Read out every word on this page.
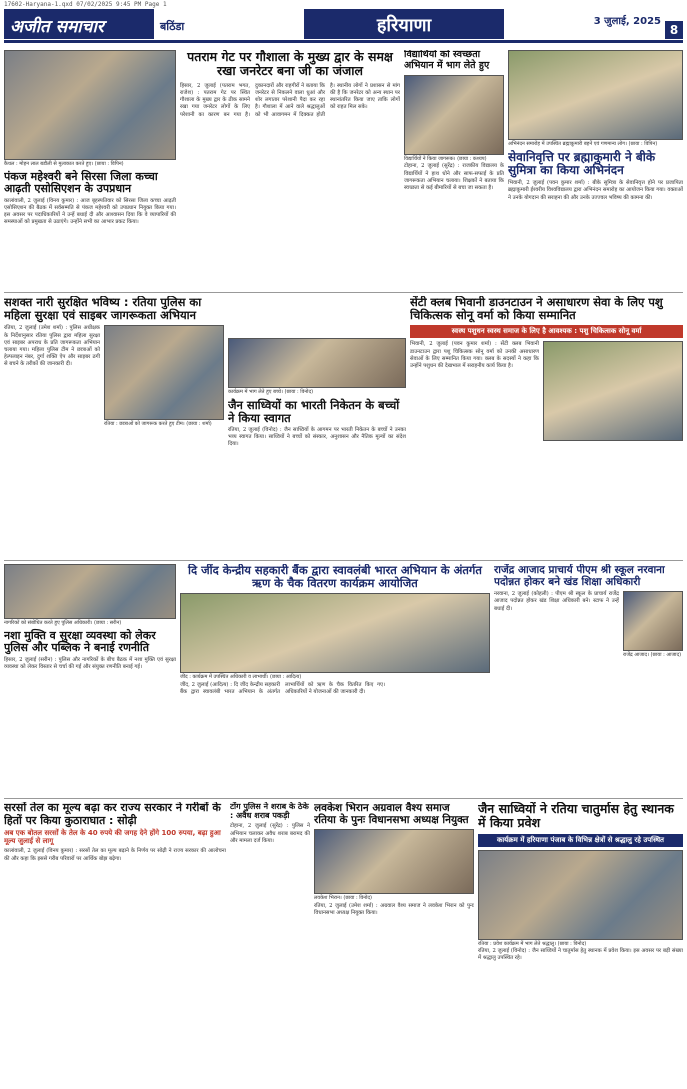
17602-Haryana-1.qxd 07/02/2025 9:45 PM Page 1
अजीत समाचार	बठिंडा	हरियाणा	3 जुलाई, 2025
8
कैथल : मोहन लाल बडौली से मुलाकात करते हुए। (छाया : विपिन)
पंकज महेश्वरी बने सिरसा जिला कच्चा आढ़ती एसोसिएशन के उपप्रधान
कालांवाली, 2 जुलाई (विनय कुमार) : आज बृहस्पतिवार को सिरसा जिला कच्चा आढ़ती एसोसिएशन की बैठक में सर्वसम्मति से पंकज महेश्वरी को उपप्रधान नियुक्त किया गया। इस अवसर पर पदाधिकारियों ने उन्हें बधाई दी और आश्वासन दिया कि वे व्यापारियों की समस्याओं को प्रमुखता से उठाएंगे। उन्होंने सभी का आभार प्रकट किया।
पतराम गेट पर गौशाला के मुख्य द्वार के समक्ष रखा जनरेटर बना जी का जंजाल
हिसार, 2 जुलाई (पतराम भगत, राजेश) : पतराम गेट पर स्थित गौशाला के मुख्य द्वार के ठीक सामने रखा गया जनरेटर लोगों के लिए परेशानी का कारण बन गया है। दुकानदारों और राहगीरों ने बताया कि जनरेटर से निकलने वाला धुआं और शोर लगातार परेशानी पैदा कर रहा है। गौशाला में आने वाले श्रद्धालुओं को भी आवागमन में दिक्कत होती है। स्थानीय लोगों ने प्रशासन से मांग की है कि जनरेटर को अन्य स्थान पर स्थानांतरित किया जाए ताकि लोगों को राहत मिल सके।
विद्यार्थियों को स्वच्छता अभियान में भाग लेते हुए
विद्यार्थियों ने किया जागरूक। (छाया : कश्यप)
टोहाना, 2 जुलाई (सुरेंद्र) : राजकीय विद्यालय के विद्यार्थियों ने हाथ धोने और साफ-सफाई के प्रति जागरूकता अभियान चलाया। शिक्षकों ने बताया कि स्वच्छता से कई बीमारियों से बचा जा सकता है।
अभिनंदन समारोह में उपस्थित ब्रह्माकुमारी बहनें एवं गणमान्य लोग। (छाया : विपिन)
सेवानिवृत्ति पर ब्रह्माकुमारी ने बीके सुमित्रा का किया अभिनंदन
भिवानी, 2 जुलाई (पवन कुमार शर्मा) : बीके सुमित्रा के सेवानिवृत्त होने पर प्रजापिता ब्रह्माकुमारी ईश्वरीय विश्वविद्यालय द्वारा अभिनंदन समारोह का आयोजन किया गया। वक्ताओं ने उनके योगदान की सराहना की और उनके उज्ज्वल भविष्य की कामना की।
सशक्त नारी सुरक्षित भविष्य : रतिया पुलिस का महिला सुरक्षा एवं साइबर जागरूकता अभियान
रतिया, 2 जुलाई (उमेश शर्मा) : पुलिस अधीक्षक के निर्देशानुसार रतिया पुलिस द्वारा महिला सुरक्षा एवं साइबर अपराध के प्रति जागरूकता अभियान चलाया गया। महिला पुलिस टीम ने छात्राओं को हेल्पलाइन नंबर, दुर्गा शक्ति ऐप और साइबर ठगी से बचने के तरीकों की जानकारी दी।
रतिया : छात्राओं को जागरूक करते हुए टीम। (छाया : शर्मा)
कार्यक्रम में भाग लेते हुए बच्चे। (छाया : विनोद)
जैन साध्वियों का भारती निकेतन के बच्चों ने किया स्वागत
रतिया, 2 जुलाई (विनोद) : जैन साध्वियों के आगमन पर भारती निकेतन के बच्चों ने उनका भव्य स्वागत किया। साध्वियों ने बच्चों को संस्कार, अनुशासन और नैतिक मूल्यों का संदेश दिया।
सेंटी क्लब भिवानी डाउनटाउन ने असाधारण सेवा के लिए पशु चिकित्सक सोनू वर्मा को किया सम्मानित
स्वस्थ पशुधन स्वस्थ समाज के लिए है आवश्यक : पशु चिकित्सक सोनू वर्मा
भिवानी, 2 जुलाई (पवन कुमार शर्मा) : सेंटी क्लब भिवानी डाउनटाउन द्वारा पशु चिकित्सक सोनू वर्मा को उनकी असाधारण सेवाओं के लिए सम्मानित किया गया। क्लब के सदस्यों ने कहा कि उन्होंने पशुधन की देखभाल में सराहनीय कार्य किया है।
नागरिकों को संबोधित करते हुए पुलिस अधिकारी। (छाया : सरीन)
नशा मुक्ति व सुरक्षा व्यवस्था को लेकर पुलिस और पब्लिक ने बनाई रणनीति
हिसार, 2 जुलाई (सरीन) : पुलिस और नागरिकों के बीच बैठक में नशा मुक्ति एवं सुरक्षा व्यवस्था को लेकर विस्तार से चर्चा की गई और संयुक्त रणनीति बनाई गई।
दि जींद केन्द्रीय सहकारी बैंक द्वारा स्वावलंबी भारत अभियान के अंतर्गत ऋण के चैक वितरण कार्यक्रम आयोजित
जींद : कार्यक्रम में उपस्थित अधिकारी व लाभार्थी। (छाया : आदित्य)
जींद, 2 जुलाई (आदित्य) : दि जींद केन्द्रीय सहकारी बैंक द्वारा स्वावलंबी भारत अभियान के अंतर्गत लाभार्थियों को ऋण के चैक वितरित किए गए। अधिकारियों ने योजनाओं की जानकारी दी।
राजेंद्र आजाद प्राचार्य पीएम श्री स्कूल नरवाना पदोन्नत होकर बने खंड शिक्षा अधिकारी
नरवाना, 2 जुलाई (कोहली) : पीएम श्री स्कूल के प्राचार्य राजेंद्र आजाद पदोन्नत होकर खंड शिक्षा अधिकारी बने। स्टाफ ने उन्हें बधाई दी।
राजेंद्र आजाद। (छाया : आजाद)
सरसों तेल का मूल्य बढ़ा कर राज्य सरकार ने गरीबों के हितों पर किया कुठाराघात : सोढ़ी
अब एक बोतल सरसों के तेल के 40 रुपये की जगह देने होंगे 100 रुपया, बढ़ा हुआ मूल्य जुलाई से लागू
कालांवाली, 2 जुलाई (विनय कुमार) : सरसों तेल का मूल्य बढ़ाने के निर्णय पर सोढ़ी ने राज्य सरकार की आलोचना की और कहा कि इससे गरीब परिवारों पर आर्थिक बोझ बढ़ेगा।
टोंग पुलिस ने शराब के ठेके : अवैध शराब पकड़ी
टोहाना, 2 जुलाई (सुरेंद्र) : पुलिस ने अभियान चलाकर अवैध शराब बरामद की और मामला दर्ज किया।
लवकेश भिरान अग्रवाल वैश्य समाज रतिया के पुनः विधानसभा अध्यक्ष नियुक्त
लवकेश भिरान। (छाया : विनोद)
रतिया, 2 जुलाई (उमेश शर्मा) : अग्रवाल वैश्य समाज ने लवकेश भिरान को पुनः विधानसभा अध्यक्ष नियुक्त किया।
जैन साध्वियों ने रतिया चातुर्मास हेतु स्थानक में किया प्रवेश
कार्यक्रम में हरियाणा पंजाब के विभिन्न क्षेत्रों से श्रद्धालु रहे उपस्थित
रतिया : प्रवेश कार्यक्रम में भाग लेते श्रद्धालु। (छाया : विनोद)
रतिया, 2 जुलाई (विनोद) : जैन साध्वियों ने चातुर्मास हेतु स्थानक में प्रवेश किया। इस अवसर पर बड़ी संख्या में श्रद्धालु उपस्थित रहे।
